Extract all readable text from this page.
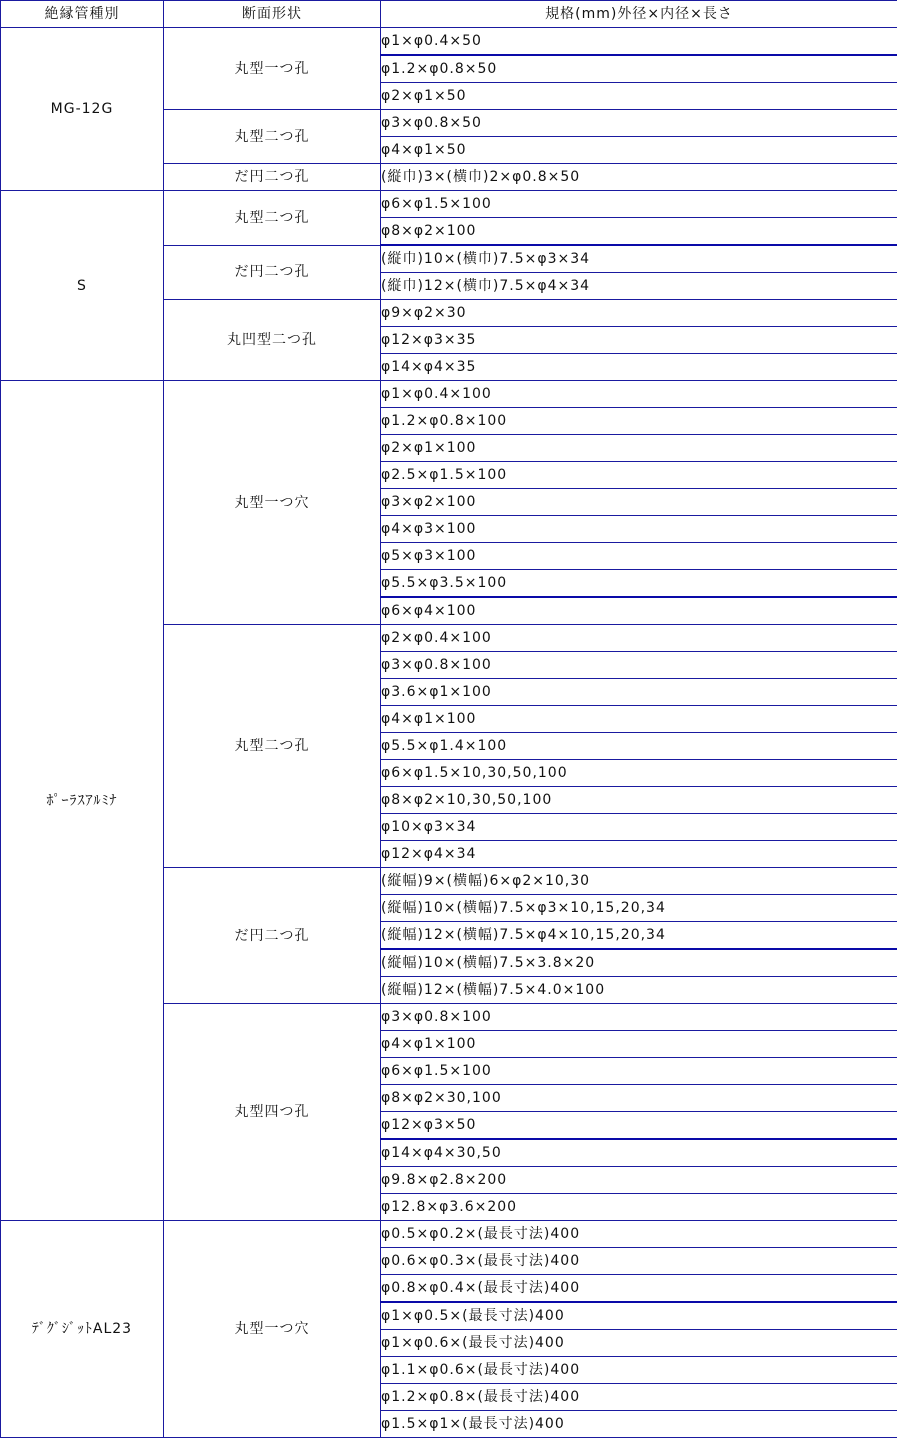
絶縁管種別	断面形状	規格(mm)外径×内径×長さ
MG-12G	丸型一つ孔	φ1×φ0.4×50
		φ1.2×φ0.8×50
		φ2×φ1×50
	丸型二つ孔	φ3×φ0.8×50
		φ4×φ1×50
	だ円二つ孔	(縦巾)3×(横巾)2×φ0.8×50
S	丸型二つ孔	φ6×φ1.5×100
		φ8×φ2×100
	だ円二つ孔	(縦巾)10×(横巾)7.5×φ3×34
		(縦巾)12×(横巾)7.5×φ4×34
	丸凹型二つ孔	φ9×φ2×30
		φ12×φ3×35
		φ14×φ4×35
ﾎﾟｰﾗｽｱﾙﾐﾅ	丸型一つ穴	φ1×φ0.4×100
		φ1.2×φ0.8×100
		φ2×φ1×100
		φ2.5×φ1.5×100
		φ3×φ2×100
		φ4×φ3×100
		φ5×φ3×100
		φ5.5×φ3.5×100
		φ6×φ4×100
	丸型二つ孔	φ2×φ0.4×100
		φ3×φ0.8×100
		φ3.6×φ1×100
		φ4×φ1×100
		φ5.5×φ1.4×100
		φ6×φ1.5×10,30,50,100
		φ8×φ2×10,30,50,100
		φ10×φ3×34
		φ12×φ4×34
	だ円二つ孔	(縦幅)9×(横幅)6×φ2×10,30
		(縦幅)10×(横幅)7.5×φ3×10,15,20,34
		(縦幅)12×(横幅)7.5×φ4×10,15,20,34
		(縦幅)10×(横幅)7.5×3.8×20
		(縦幅)12×(横幅)7.5×4.0×100
	丸型四つ孔	φ3×φ0.8×100
		φ4×φ1×100
		φ6×φ1.5×100
		φ8×φ2×30,100
		φ12×φ3×50
		φ14×φ4×30,50
		φ9.8×φ2.8×200
		φ12.8×φ3.6×200
ﾃﾞｸﾞｼﾞｯﾄAL23	丸型一つ穴	φ0.5×φ0.2×(最長寸法)400
		φ0.6×φ0.3×(最長寸法)400
		φ0.8×φ0.4×(最長寸法)400
		φ1×φ0.5×(最長寸法)400
		φ1×φ0.6×(最長寸法)400
		φ1.1×φ0.6×(最長寸法)400
		φ1.2×φ0.8×(最長寸法)400
		φ1.5×φ1×(最長寸法)400
